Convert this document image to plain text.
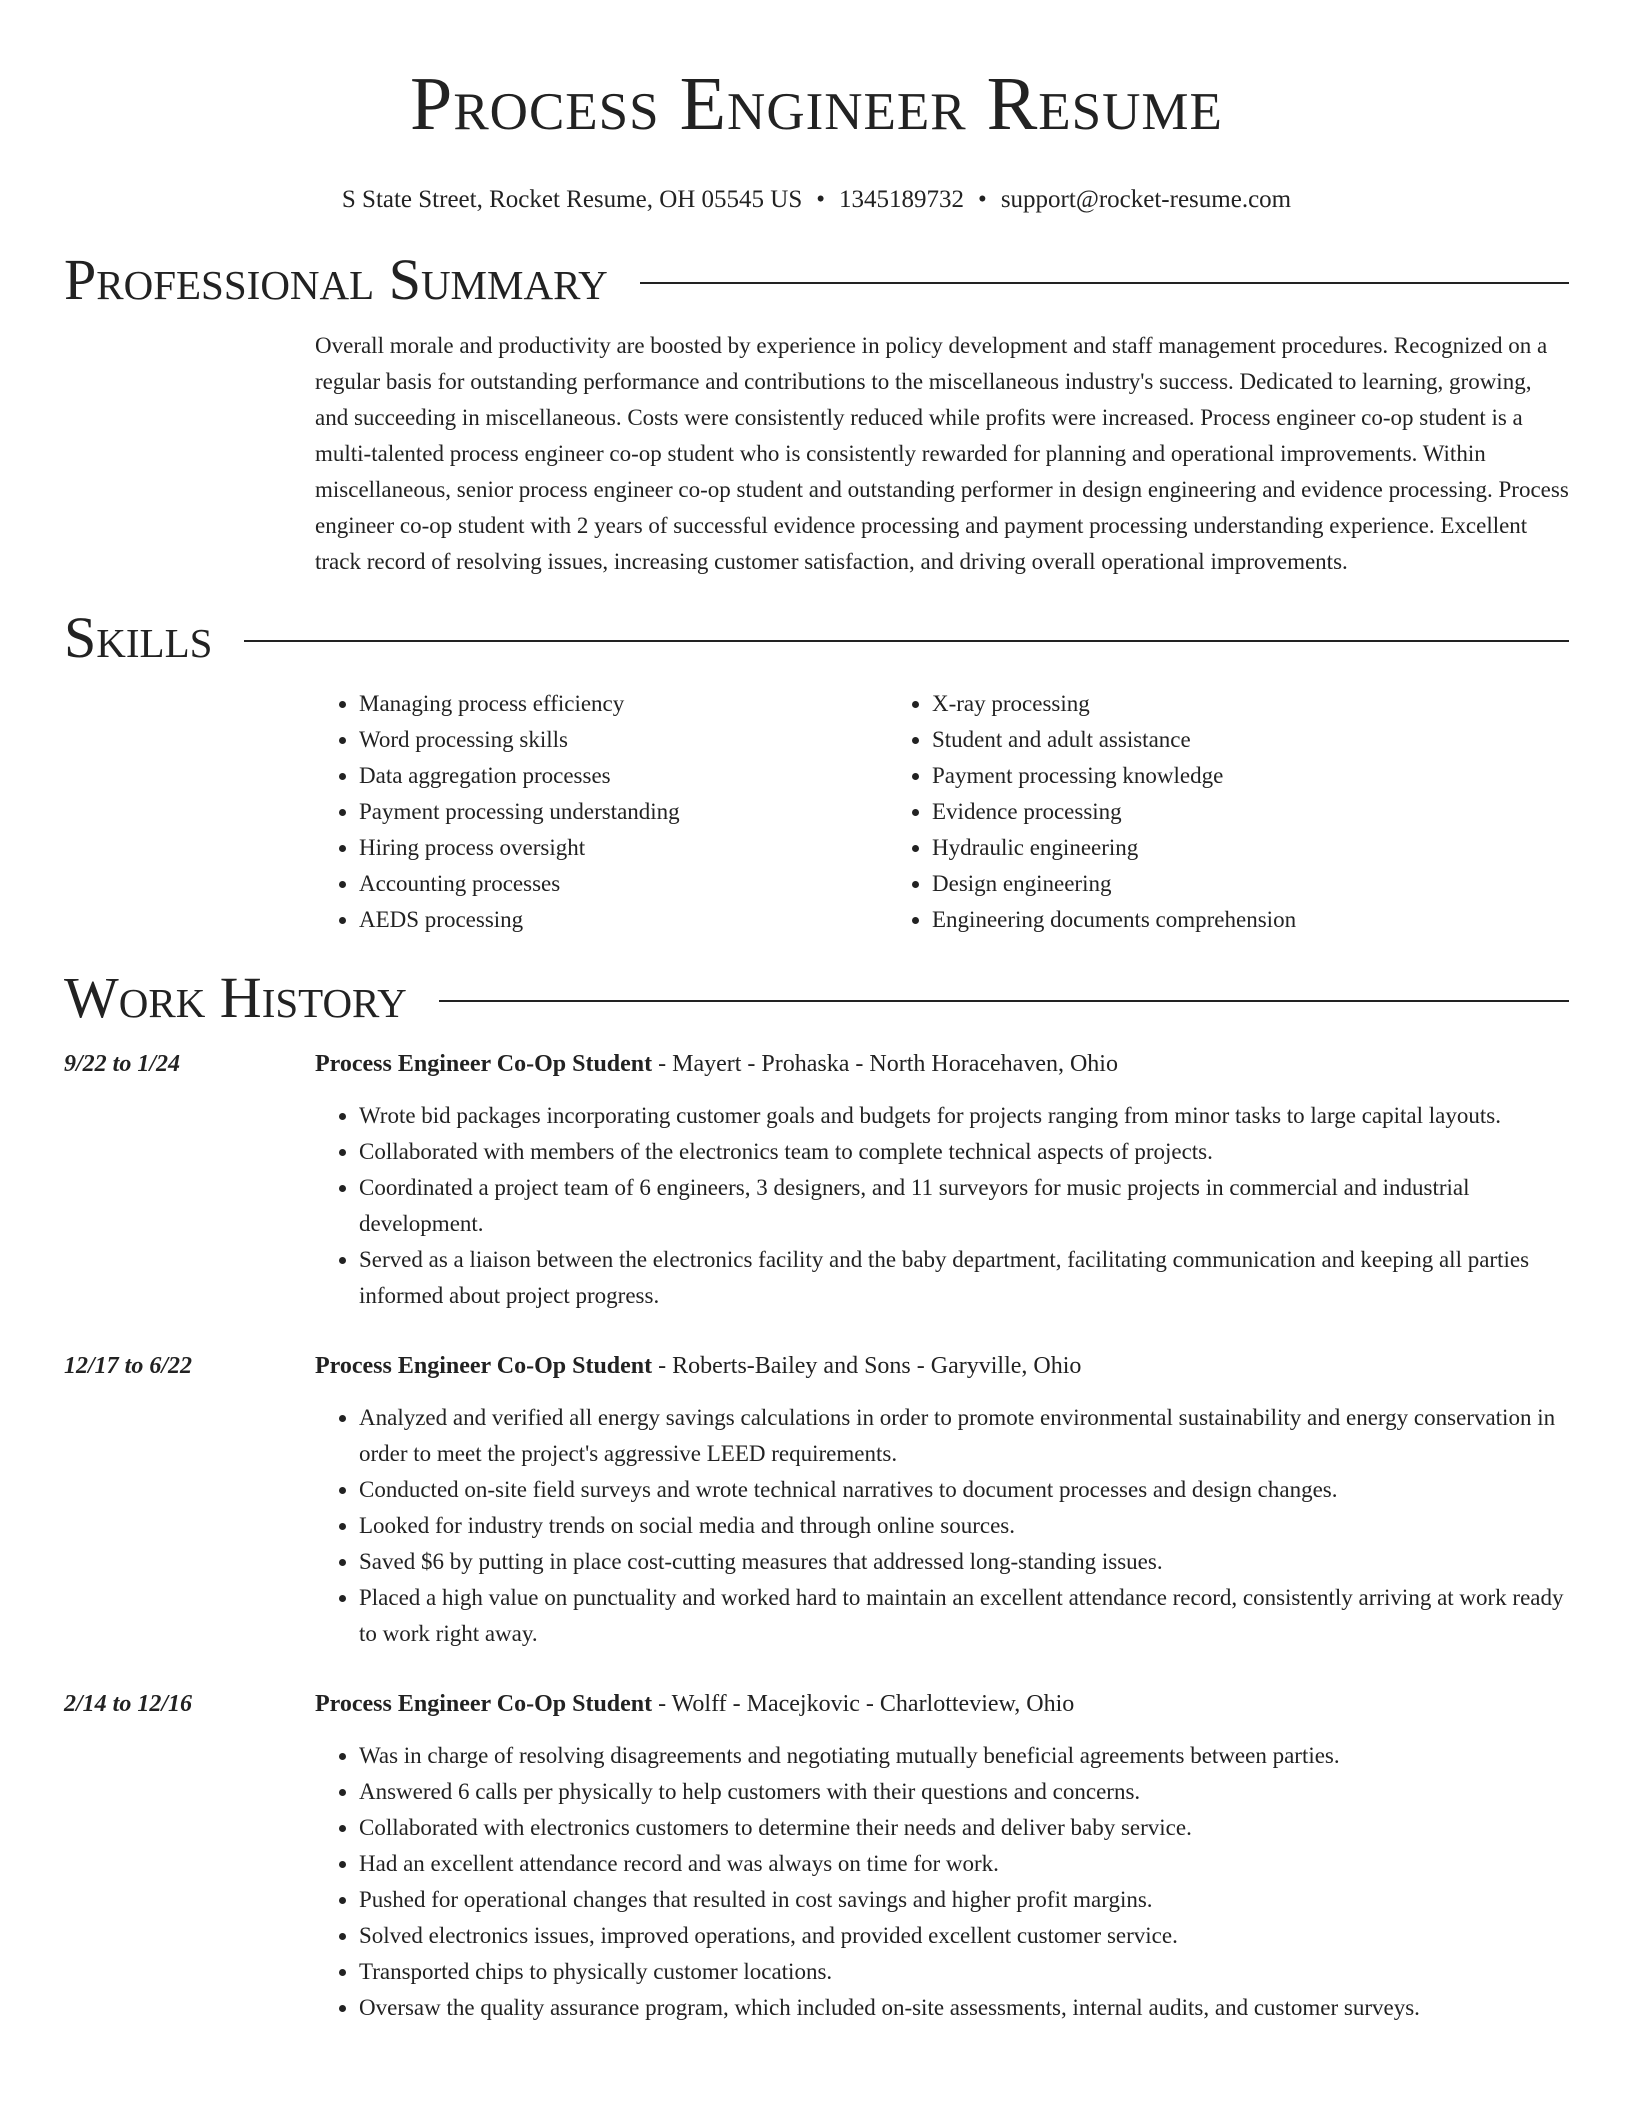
Process Engineer Resume
S State Street, Rocket Resume, OH 05545 US • 1345189732 • support@rocket-resume.com
Professional Summary
Overall morale and productivity are boosted by experience in policy development and staff management procedures. Recognized on a regular basis for outstanding performance and contributions to the miscellaneous industry's success. Dedicated to learning, growing, and succeeding in miscellaneous. Costs were consistently reduced while profits were increased. Process engineer co-op student is a multi-talented process engineer co-op student who is consistently rewarded for planning and operational improvements. Within miscellaneous, senior process engineer co-op student and outstanding performer in design engineering and evidence processing. Process engineer co-op student with 2 years of successful evidence processing and payment processing understanding experience. Excellent track record of resolving issues, increasing customer satisfaction, and driving overall operational improvements.
Skills
• Managing process efficiency
• Word processing skills
• Data aggregation processes
• Payment processing understanding
• Hiring process oversight
• Accounting processes
• AEDS processing
• X-ray processing
• Student and adult assistance
• Payment processing knowledge
• Evidence processing
• Hydraulic engineering
• Design engineering
• Engineering documents comprehension
Work History
9/22 to 1/24	Process Engineer Co-Op Student - Mayert - Prohaska - North Horacehaven, Ohio
• Wrote bid packages incorporating customer goals and budgets for projects ranging from minor tasks to large capital layouts.
• Collaborated with members of the electronics team to complete technical aspects of projects.
• Coordinated a project team of 6 engineers, 3 designers, and 11 surveyors for music projects in commercial and industrial development.
• Served as a liaison between the electronics facility and the baby department, facilitating communication and keeping all parties informed about project progress.
12/17 to 6/22	Process Engineer Co-Op Student - Roberts-Bailey and Sons - Garyville, Ohio
• Analyzed and verified all energy savings calculations in order to promote environmental sustainability and energy conservation in order to meet the project's aggressive LEED requirements.
• Conducted on-site field surveys and wrote technical narratives to document processes and design changes.
• Looked for industry trends on social media and through online sources.
• Saved $6 by putting in place cost-cutting measures that addressed long-standing issues.
• Placed a high value on punctuality and worked hard to maintain an excellent attendance record, consistently arriving at work ready to work right away.
2/14 to 12/16	Process Engineer Co-Op Student - Wolff - Macejkovic - Charlotteview, Ohio
• Was in charge of resolving disagreements and negotiating mutually beneficial agreements between parties.
• Answered 6 calls per physically to help customers with their questions and concerns.
• Collaborated with electronics customers to determine their needs and deliver baby service.
• Had an excellent attendance record and was always on time for work.
• Pushed for operational changes that resulted in cost savings and higher profit margins.
• Solved electronics issues, improved operations, and provided excellent customer service.
• Transported chips to physically customer locations.
• Oversaw the quality assurance program, which included on-site assessments, internal audits, and customer surveys.
